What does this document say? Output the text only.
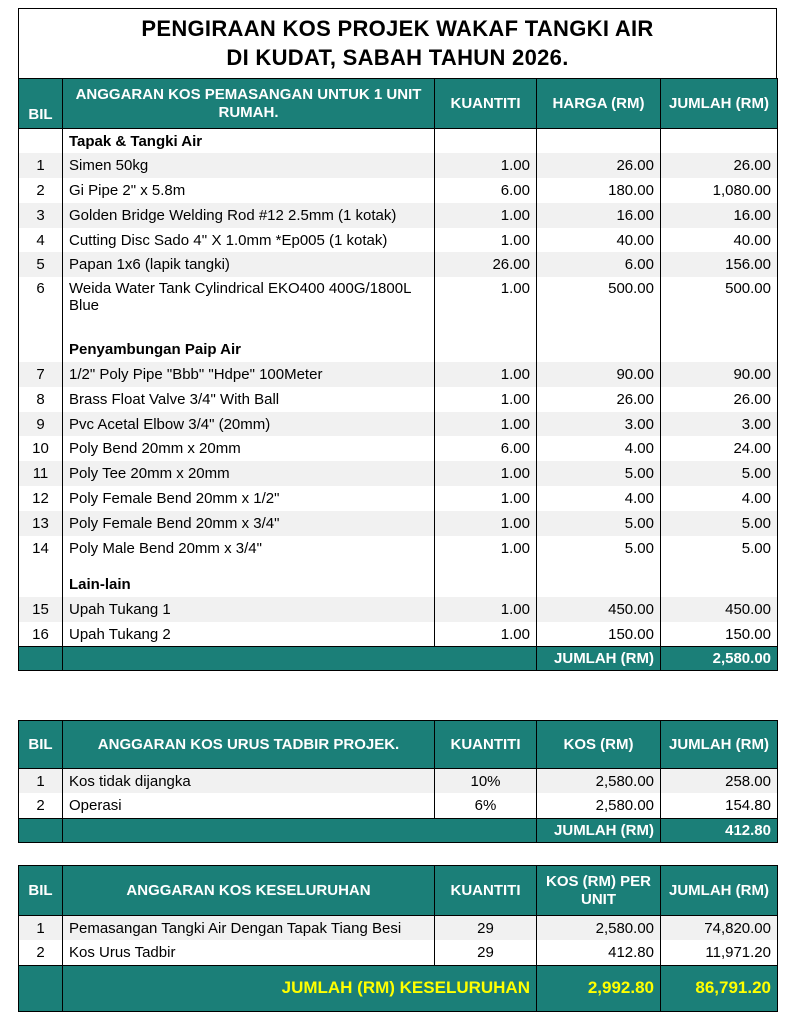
PENGIRAAN KOS PROJEK WAKAF TANGKI AIR
DI KUDAT, SABAH TAHUN 2026.
BIL	ANGGARAN KOS PEMASANGAN UNTUK 1 UNIT RUMAH.	KUANTITI	HARGA (RM)	JUMLAH (RM)
	Tapak & Tangki Air			
1	Simen 50kg	1.00	26.00	26.00
2	Gi Pipe 2" x 5.8m	6.00	180.00	1,080.00
3	Golden Bridge Welding Rod #12 2.5mm (1 kotak)	1.00	16.00	16.00
4	Cutting Disc Sado 4'' X 1.0mm *Ep005 (1 kotak)	1.00	40.00	40.00
5	Papan 1x6 (lapik tangki)	26.00	6.00	156.00
6	Weida Water Tank Cylindrical EKO400 400G/1800L Blue	1.00	500.00	500.00

	Penyambungan Paip Air			
7	1/2" Poly Pipe "Bbb" "Hdpe" 100Meter	1.00	90.00	90.00
8	Brass Float Valve 3/4" With Ball	1.00	26.00	26.00
9	Pvc Acetal Elbow 3/4" (20mm)	1.00	3.00	3.00
10	Poly Bend 20mm x 20mm	6.00	4.00	24.00
11	Poly Tee 20mm x 20mm	1.00	5.00	5.00
12	Poly Female Bend 20mm x 1/2"	1.00	4.00	4.00
13	Poly Female Bend 20mm x 3/4"	1.00	5.00	5.00
14	Poly Male Bend 20mm x 3/4"	1.00	5.00	5.00

	Lain-lain			
15	Upah Tukang 1	1.00	450.00	450.00
16	Upah Tukang 2	1.00	150.00	150.00
			JUMLAH (RM)	2,580.00
BIL	ANGGARAN KOS URUS TADBIR PROJEK.	KUANTITI	KOS (RM)	JUMLAH (RM)
1	Kos tidak dijangka	10%	2,580.00	258.00
2	Operasi	6%	2,580.00	154.80
			JUMLAH (RM)	412.80
BIL	ANGGARAN KOS KESELURUHAN	KUANTITI	KOS (RM) PER UNIT	JUMLAH (RM)
1	Pemasangan Tangki Air Dengan Tapak Tiang Besi	29	2,580.00	74,820.00
2	Kos Urus Tadbir	29	412.80	11,971.20
	JUMLAH (RM) KESELURUHAN		2,992.80	86,791.20
